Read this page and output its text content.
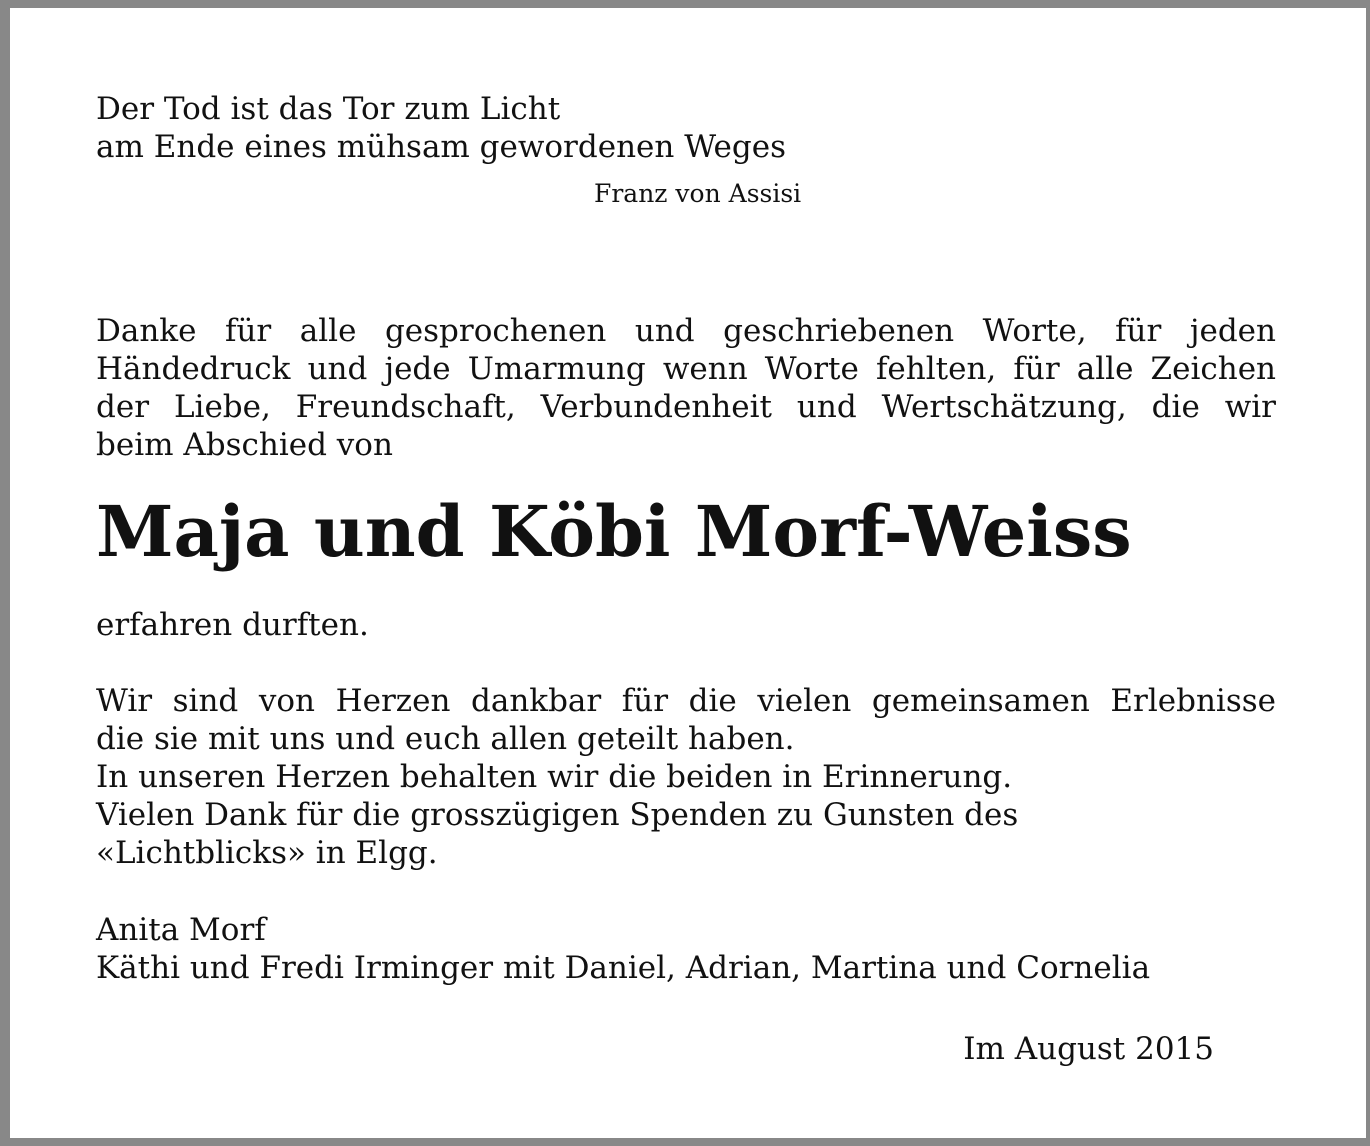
Der Tod ist das Tor zum Licht

am Ende eines mühsam gewordenen Weges

Franz von Assisi

Danke für alle gesprochenen und geschriebenen Worte, für jeden

Händedruck und jede Umarmung wenn Worte fehlten, für alle Zeichen

der Liebe, Freundschaft, Verbundenheit und Wertschätzung, die wir

beim Abschied von

Maja und Köbi Morf-Weiss

erfahren durften.

Wir sind von Herzen dankbar für die vielen gemeinsamen Erlebnisse

die sie mit uns und euch allen geteilt haben.

In unseren Herzen behalten wir die beiden in Erinnerung.

Vielen Dank für die grosszügigen Spenden zu Gunsten des

«Lichtblicks» in Elgg.

Anita Morf

Käthi und Fredi Irminger mit Daniel, Adrian, Martina und Cornelia

Im August 2015
